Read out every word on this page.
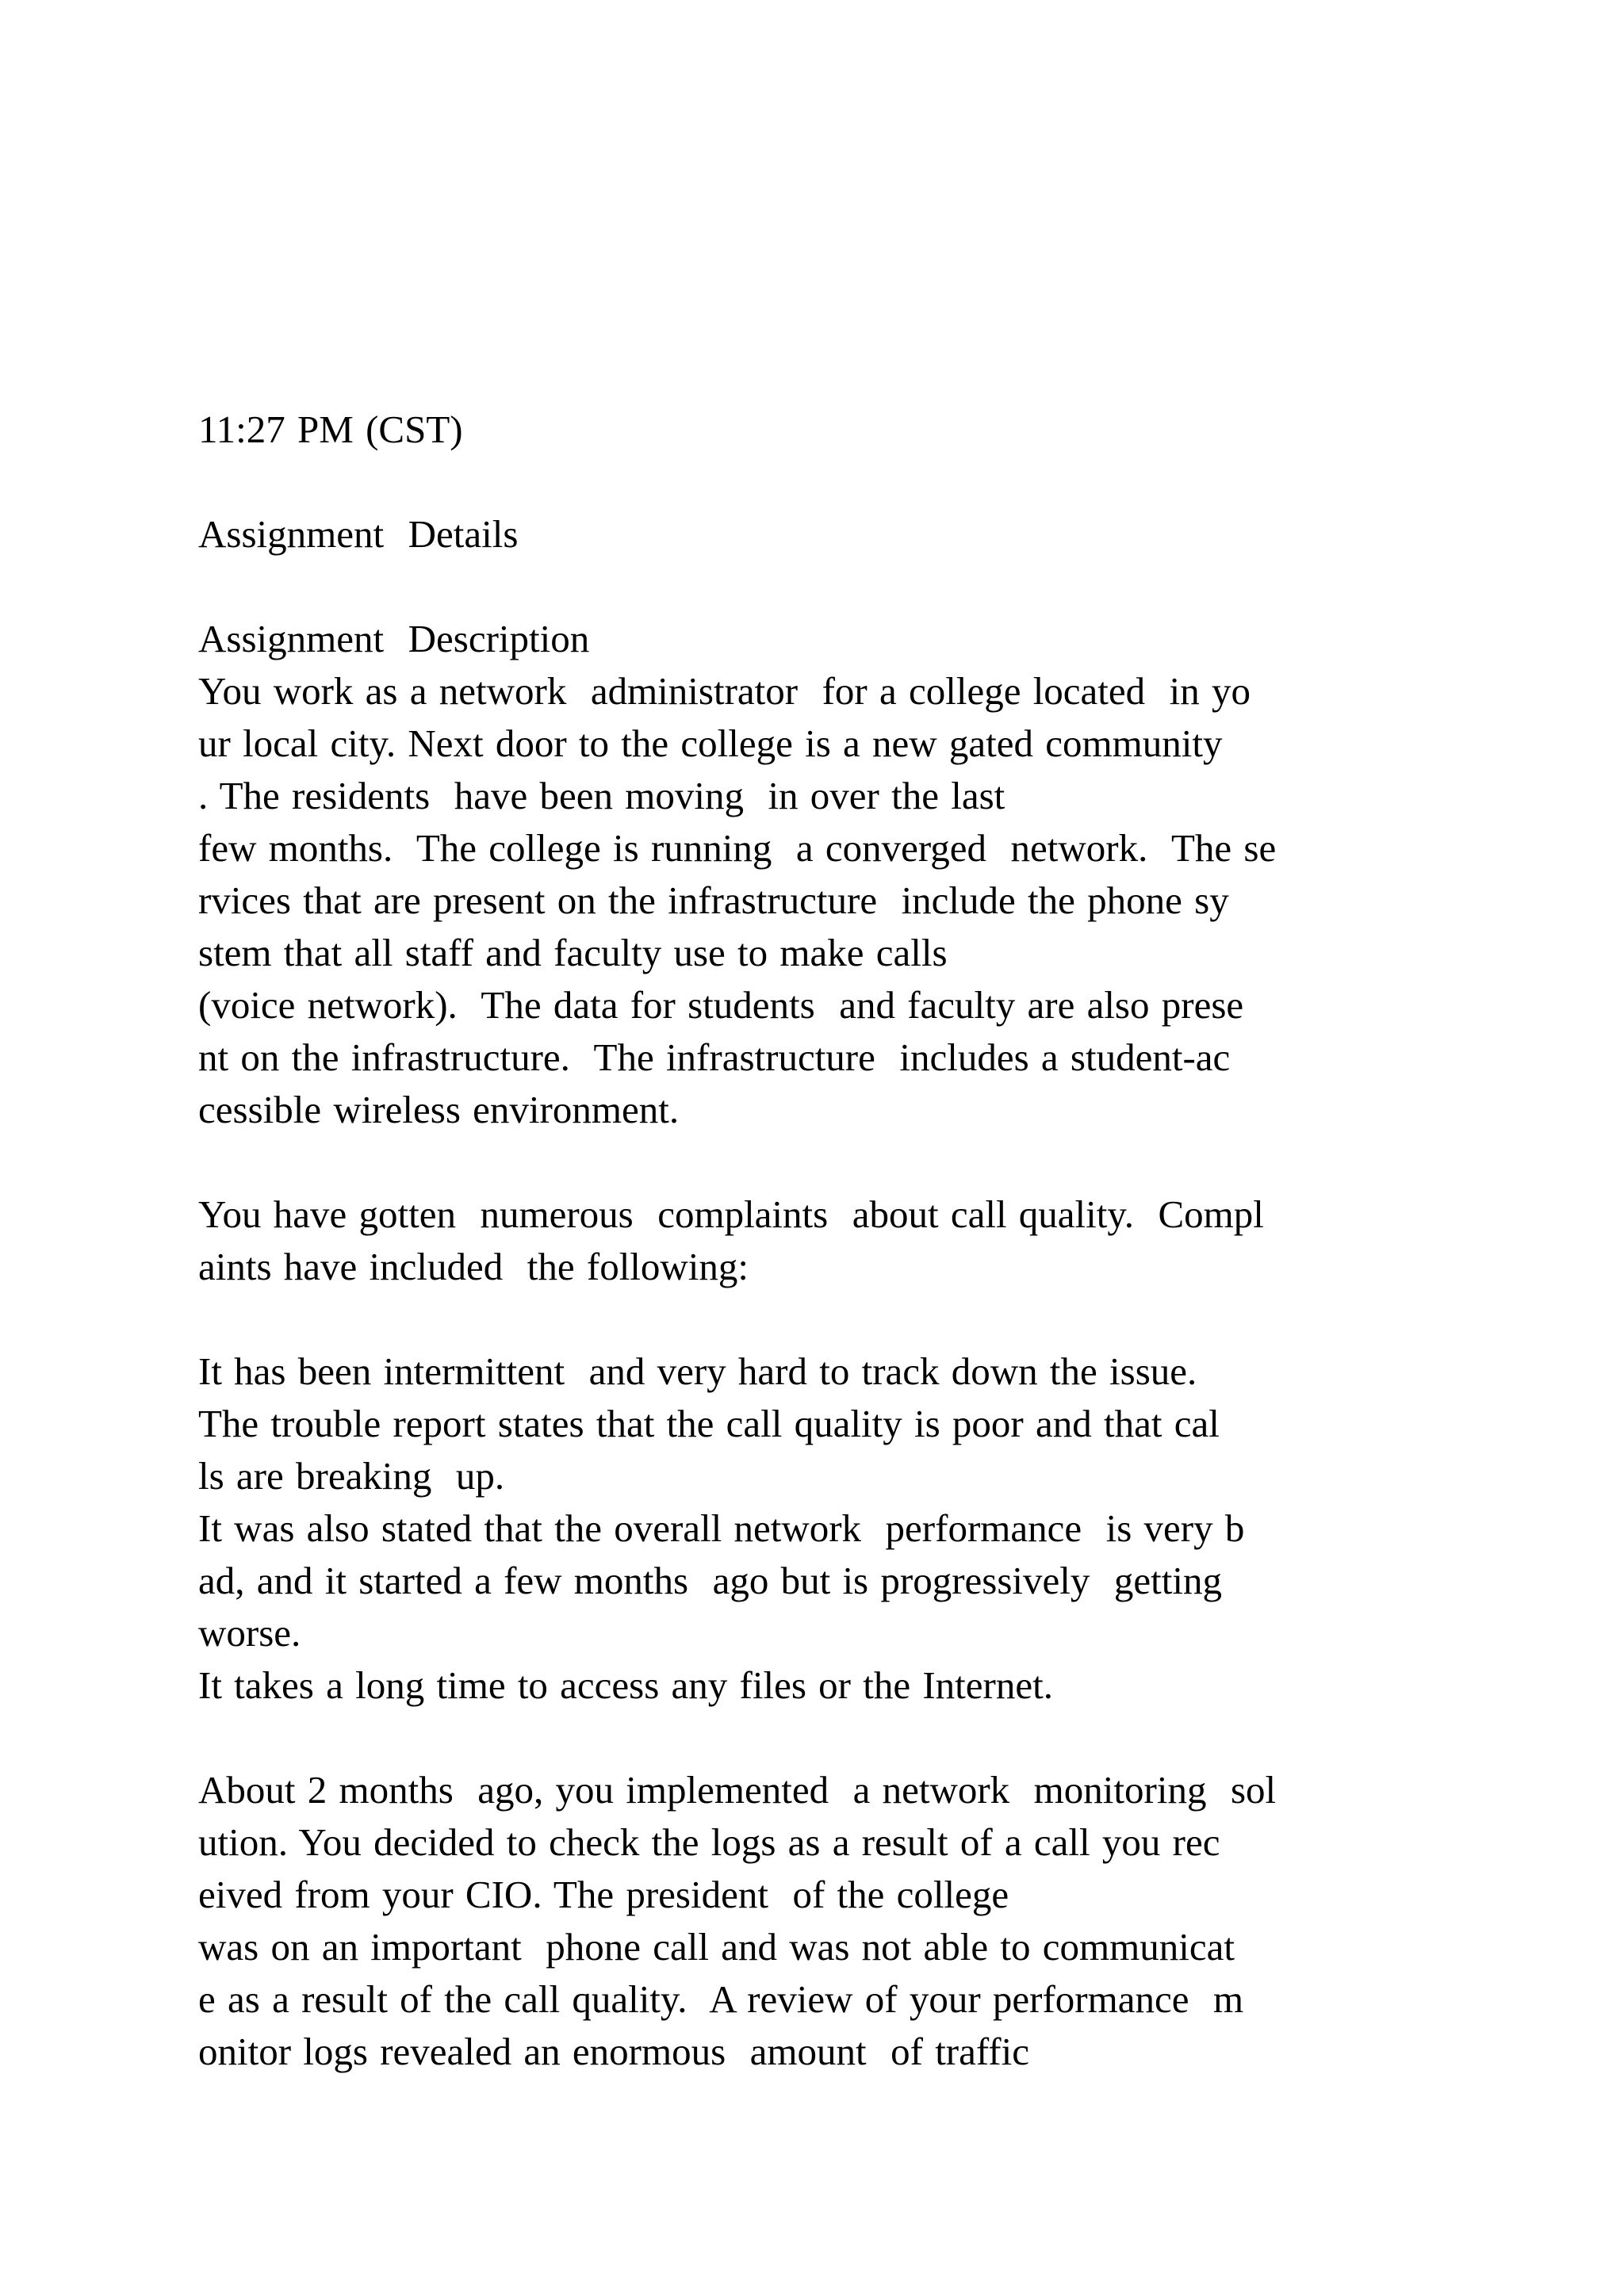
11:27 PM (CST)
Assignment  Details
Assignment  Description
You work as a network  administrator  for a college located  in yo
ur local city. Next door to the college is a new gated community
. The residents  have been moving  in over the last
few months.  The college is running  a converged  network.  The se
rvices that are present on the infrastructure  include the phone sy
stem that all staff and faculty use to make calls
(voice network).  The data for students  and faculty are also prese
nt on the infrastructure.  The infrastructure  includes a student-ac
cessible wireless environment.
You have gotten  numerous  complaints  about call quality.  Compl
aints have included  the following:
It has been intermittent  and very hard to track down the issue.
The trouble report states that the call quality is poor and that cal
ls are breaking  up.
It was also stated that the overall network  performance  is very b
ad, and it started a few months  ago but is progressively  getting
worse.
It takes a long time to access any files or the Internet.
About 2 months  ago, you implemented  a network  monitoring  sol
ution. You decided to check the logs as a result of a call you rec
eived from your CIO. The president  of the college
was on an important  phone call and was not able to communicat
e as a result of the call quality.  A review of your performance  m
onitor logs revealed an enormous  amount  of traffic
